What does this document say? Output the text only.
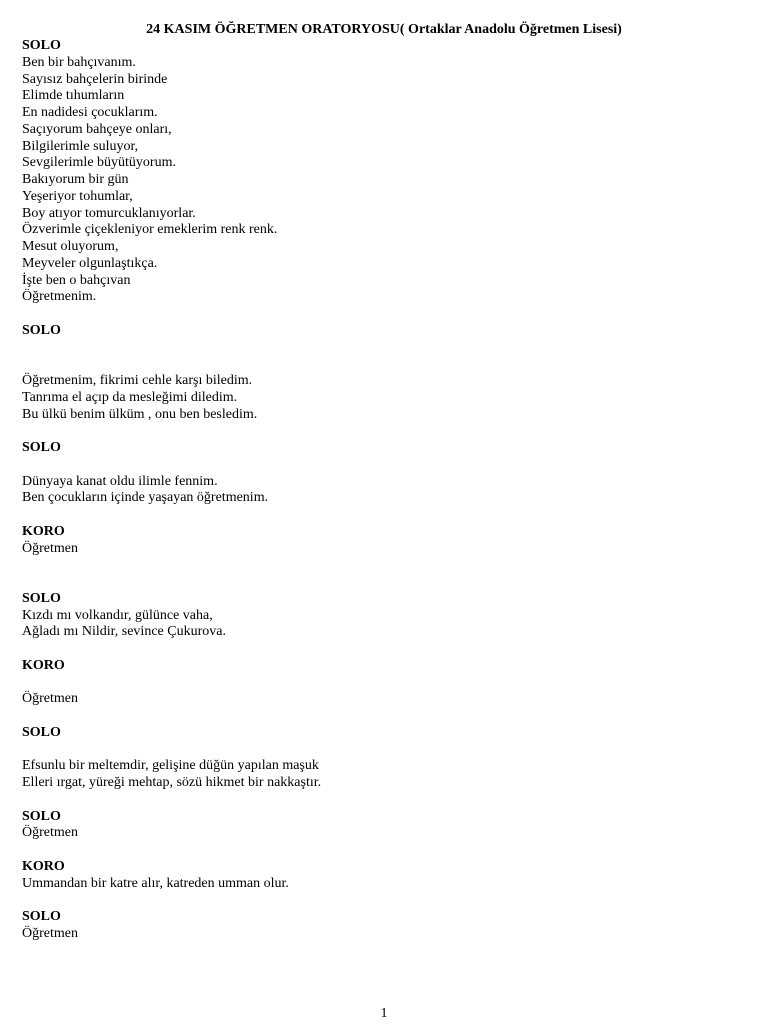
24 KASIM ÖĞRETMEN ORATORYOSU( Ortaklar Anadolu Öğretmen Lisesi)
SOLO
Ben bir bahçıvanım.
Sayısız bahçelerin birinde
Elimde tıhumların
En nadidesi çocuklarım.
Saçıyorum bahçeye onları,
Bilgilerimle suluyor,
Sevgilerimle büyütüyorum.
Bakıyorum bir gün
Yeşeriyor tohumlar,
Boy atıyor tomurcuklanıyorlar.
Özverimle çiçekleniyor emeklerim renk renk.
Mesut oluyorum,
Meyveler olgunlaştıkça.
İşte ben o bahçıvan
Öğretmenim.
SOLO
Öğretmenim, fikrimi cehle karşı biledim.
Tanrıma el açıp da mesleğimi diledim.
Bu ülkü benim ülküm , onu ben besledim.
SOLO
Dünyaya kanat oldu ilimle fennim.
Ben çocukların içinde yaşayan öğretmenim.
KORO
Öğretmen
SOLO
Kızdı mı volkandır, gülünce vaha,
Ağladı mı Nildir, sevince Çukurova.
KORO
Öğretmen
SOLO
Efsunlu bir meltemdir, gelişine düğün yapılan maşuk
Elleri ırgat, yüreği mehtap, sözü hikmet bir nakkaştır.
SOLO
Öğretmen
KORO
Ummandan bir katre alır, katreden umman olur.
SOLO
Öğretmen
1
